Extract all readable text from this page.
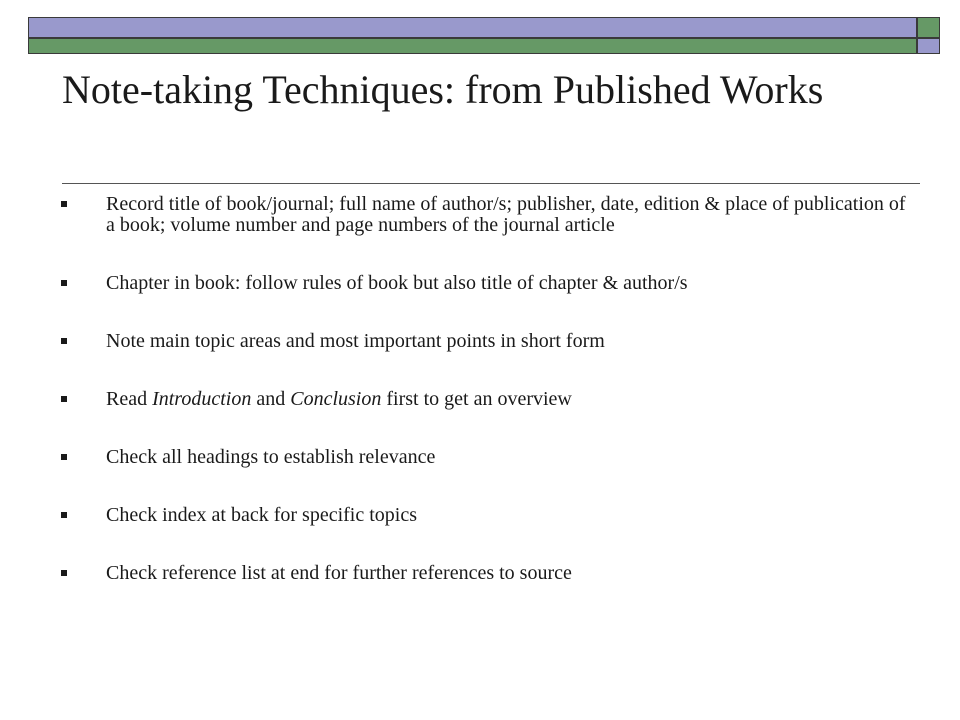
Note-taking Techniques: from Published Works
Record title of book/journal; full name of author/s; publisher, date, edition & place of publication of a book; volume number and page numbers of the journal article
Chapter in book: follow rules of book but also title of chapter & author/s
Note main topic areas and most important points in short form
Read Introduction and Conclusion first to get an overview
Check all headings to establish relevance
Check index at back for specific topics
Check reference list at end for further references to source
